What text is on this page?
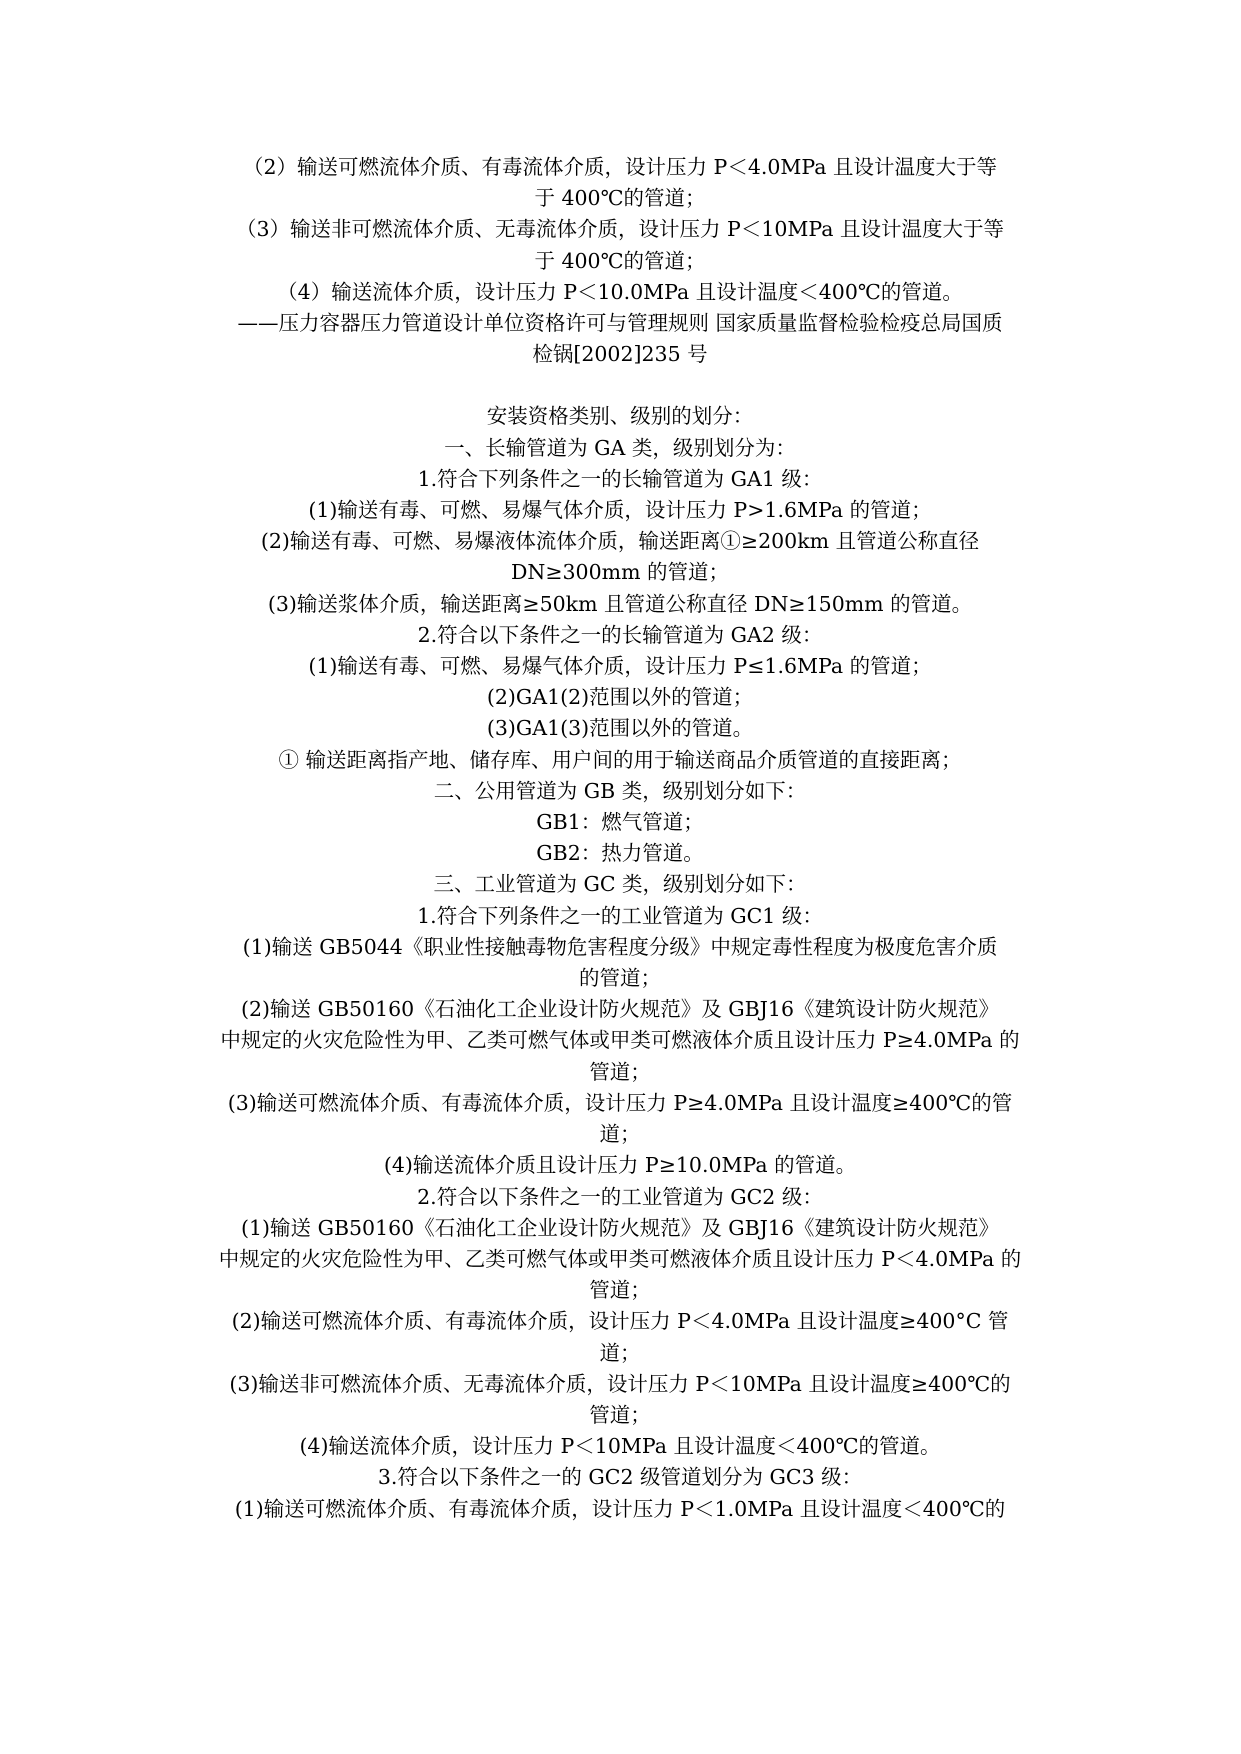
（2）输送可燃流体介质、有毒流体介质，设计压力 P＜4.0MPa 且设计温度大于等
于 400℃的管道；

（3）输送非可燃流体介质、无毒流体介质，设计压力 P＜10MPa 且设计温度大于等
于 400℃的管道；

（4）输送流体介质，设计压力 P＜10.0MPa 且设计温度＜400℃的管道。

——压力容器压力管道设计单位资格许可与管理规则 国家质量监督检验检疫总局国质
检锅[2002]235 号

安装资格类别、级别的划分：

一、长输管道为 GA 类，级别划分为：

1.符合下列条件之一的长输管道为 GA1 级：

(1)输送有毒、可燃、易爆气体介质，设计压力 P>1.6MPa 的管道；

(2)输送有毒、可燃、易爆液体流体介质，输送距离①≥200km 且管道公称直径
DN≥300mm 的管道；

(3)输送浆体介质，输送距离≥50km 且管道公称直径 DN≥150mm 的管道。

2.符合以下条件之一的长输管道为 GA2 级：

(1)输送有毒、可燃、易爆气体介质，设计压力 P≤1.6MPa 的管道；

(2)GA1(2)范围以外的管道；

(3)GA1(3)范围以外的管道。

① 输送距离指产地、储存库、用户间的用于输送商品介质管道的直接距离；

二、公用管道为 GB 类，级别划分如下：

GB1：燃气管道；

GB2：热力管道。

三、工业管道为 GC 类，级别划分如下：

1.符合下列条件之一的工业管道为 GC1 级：

(1)输送 GB5044《职业性接触毒物危害程度分级》中规定毒性程度为极度危害介质
的管道；

(2)输送 GB50160《石油化工企业设计防火规范》及 GBJ16《建筑设计防火规范》
中规定的火灾危险性为甲、乙类可燃气体或甲类可燃液体介质且设计压力 P≥4.0MPa 的
管道；

(3)输送可燃流体介质、有毒流体介质，设计压力 P≥4.0MPa 且设计温度≥400℃的管
道；

(4)输送流体介质且设计压力 P≥10.0MPa 的管道。

2.符合以下条件之一的工业管道为 GC2 级：

(1)输送 GB50160《石油化工企业设计防火规范》及 GBJ16《建筑设计防火规范》
中规定的火灾危险性为甲、乙类可燃气体或甲类可燃液体介质且设计压力 P＜4.0MPa 的
管道；

(2)输送可燃流体介质、有毒流体介质，设计压力 P＜4.0MPa 且设计温度≥400°C 管
道；

(3)输送非可燃流体介质、无毒流体介质，设计压力 P＜10MPa 且设计温度≥400℃的
管道；

(4)输送流体介质，设计压力 P＜10MPa 且设计温度＜400℃的管道。

3.符合以下条件之一的 GC2 级管道划分为 GC3 级：

(1)输送可燃流体介质、有毒流体介质，设计压力 P＜1.0MPa 且设计温度＜400℃的
